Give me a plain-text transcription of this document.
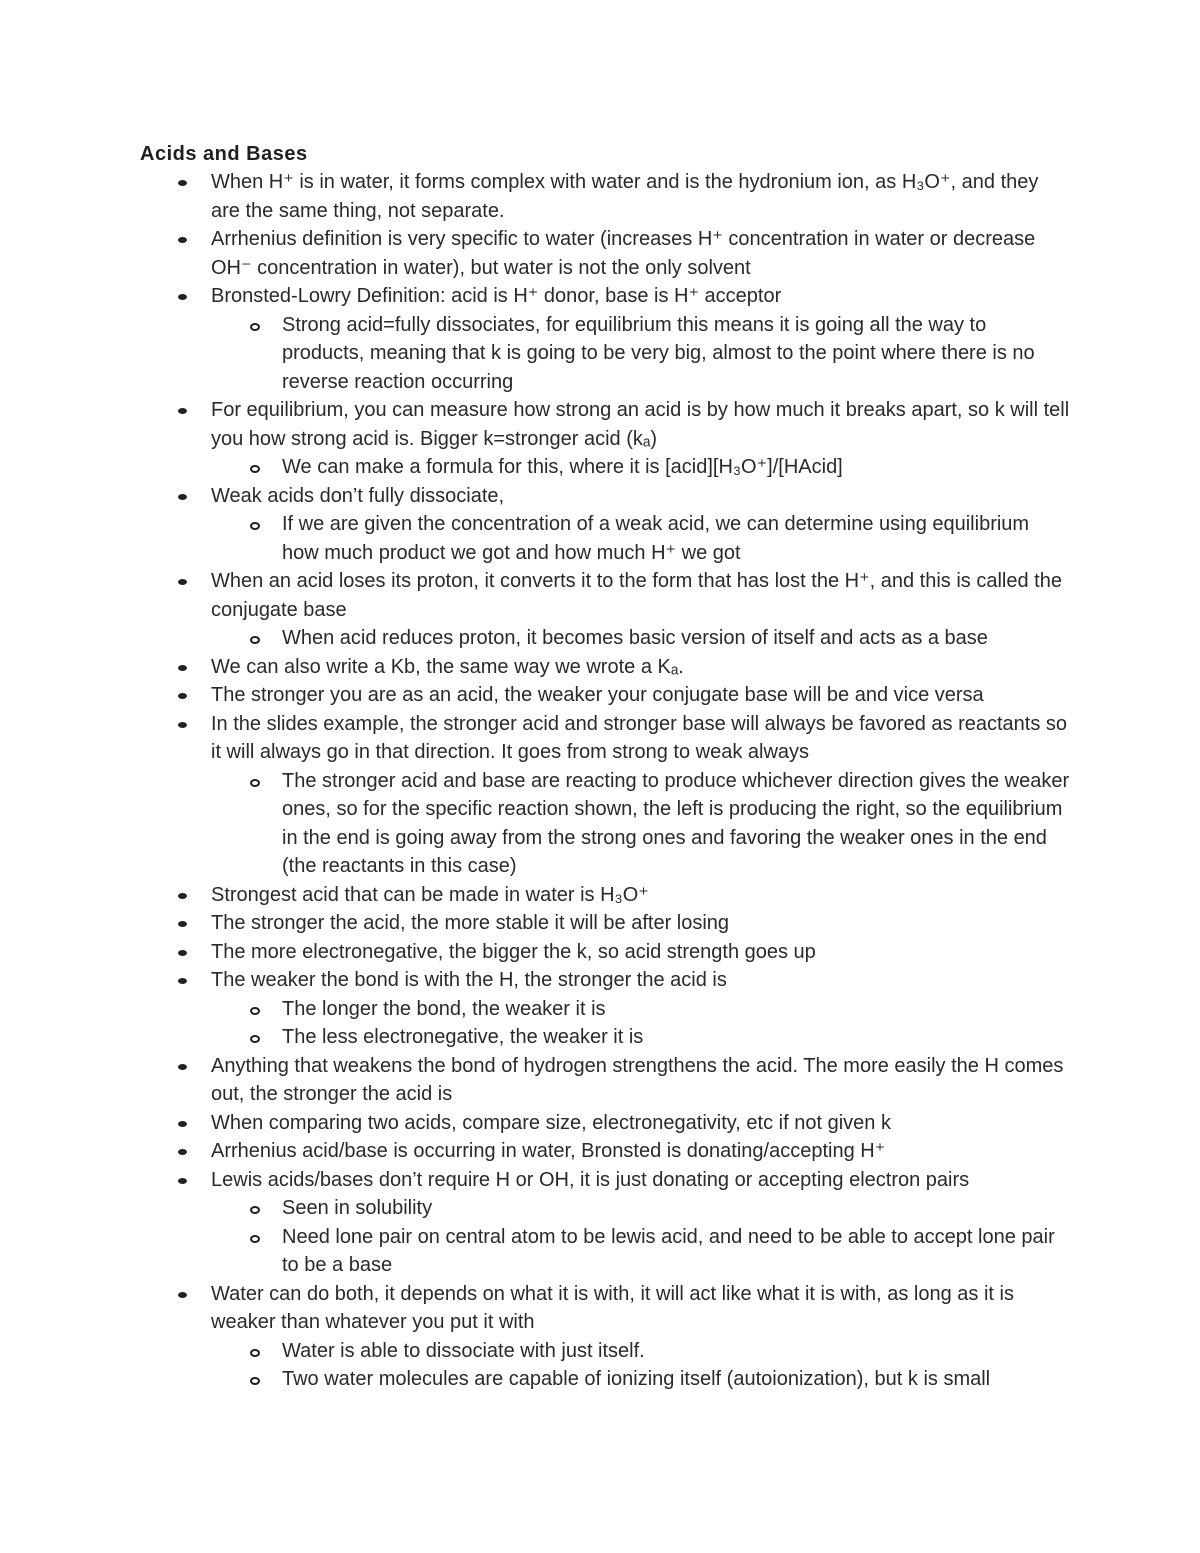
Acids and Bases
When H⁺ is in water, it forms complex with water and is the hydronium ion, as H₃O⁺, and they are the same thing, not separate.
Arrhenius definition is very specific to water (increases H⁺ concentration in water or decrease OH⁻ concentration in water), but water is not the only solvent
Bronsted-Lowry Definition: acid is H⁺ donor, base is H⁺ acceptor
Strong acid=fully dissociates, for equilibrium this means it is going all the way to products, meaning that k is going to be very big, almost to the point where there is no reverse reaction occurring
For equilibrium, you can measure how strong an acid is by how much it breaks apart, so k will tell you how strong acid is. Bigger k=stronger acid (kₐ)
We can make a formula for this, where it is [acid][H₃O⁺]/[HAcid]
Weak acids don’t fully dissociate,
If we are given the concentration of a weak acid, we can determine using equilibrium how much product we got and how much H⁺ we got
When an acid loses its proton, it converts it to the form that has lost the H⁺, and this is called the conjugate base
When acid reduces proton, it becomes basic version of itself and acts as a base
We can also write a Kb, the same way we wrote a Kₐ.
The stronger you are as an acid, the weaker your conjugate base will be and vice versa
In the slides example, the stronger acid and stronger base will always be favored as reactants so it will always go in that direction. It goes from strong to weak always
The stronger acid and base are reacting to produce whichever direction gives the weaker ones, so for the specific reaction shown, the left is producing the right, so the equilibrium in the end is going away from the strong ones and favoring the weaker ones in the end (the reactants in this case)
Strongest acid that can be made in water is H₃O⁺
The stronger the acid, the more stable it will be after losing
The more electronegative, the bigger the k, so acid strength goes up
The weaker the bond is with the H, the stronger the acid is
The longer the bond, the weaker it is
The less electronegative, the weaker it is
Anything that weakens the bond of hydrogen strengthens the acid. The more easily the H comes out, the stronger the acid is
When comparing two acids, compare size, electronegativity, etc if not given k
Arrhenius acid/base is occurring in water, Bronsted is donating/accepting H⁺
Lewis acids/bases don’t require H or OH, it is just donating or accepting electron pairs
Seen in solubility
Need lone pair on central atom to be lewis acid, and need to be able to accept lone pair to be a base
Water can do both, it depends on what it is with, it will act like what it is with, as long as it is weaker than whatever you put it with
Water is able to dissociate with just itself.
Two water molecules are capable of ionizing itself (autoionization), but k is small
